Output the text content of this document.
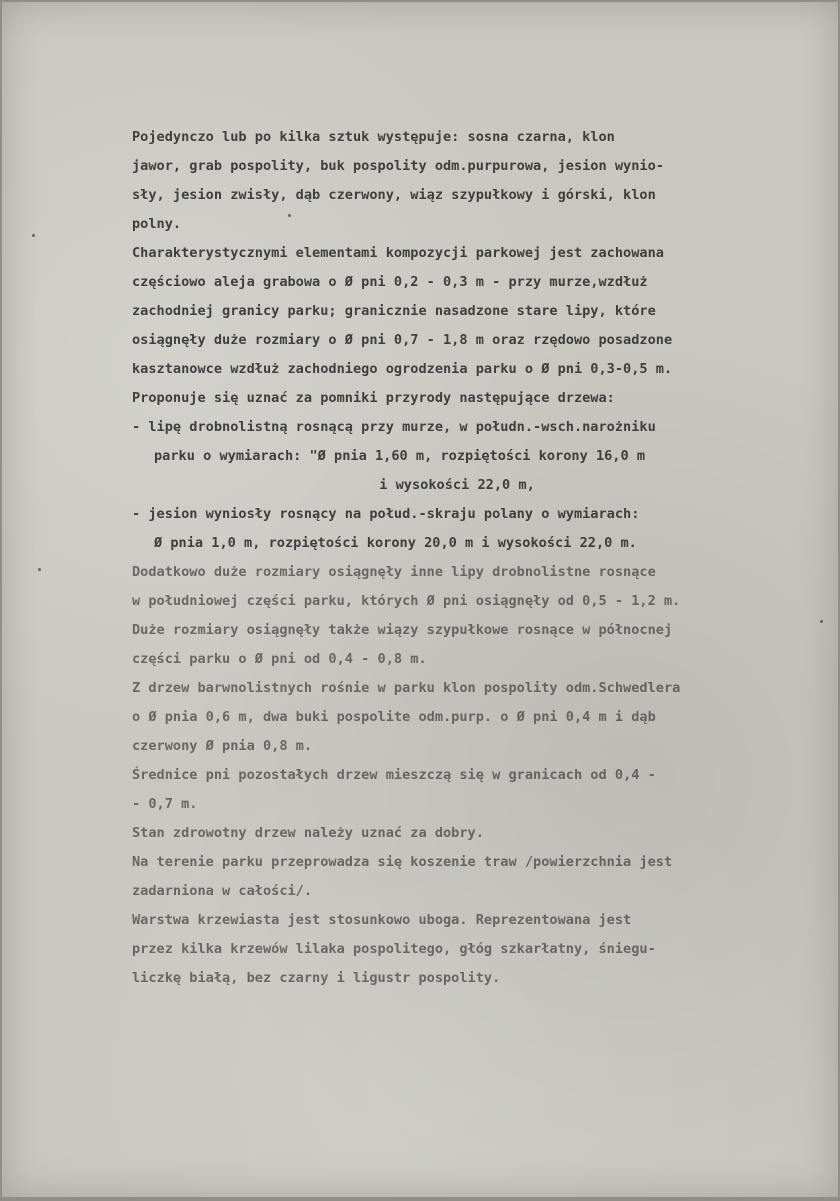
Pojedynczo lub po kilka sztuk występuje: sosna czarna, klon
jawor, grab pospolity, buk pospolity odm.purpurowa, jesion wynio-
sły, jesion zwisły, dąb czerwony, wiąz szypułkowy i górski, klon
polny.
Charakterystycznymi elementami kompozycji parkowej jest zachowana
częściowo aleja grabowa o Ø pni 0,2 - 0,3 m - przy murze,wzdłuż
zachodniej granicy parku; granicznie nasadzone stare lipy, które
osiągnęły duże rozmiary o Ø pni 0,7 - 1,8 m oraz rzędowo posadzone
kasztanowce wzdłuż zachodniego ogrodzenia parku o Ø pni 0,3-0,5 m.
Proponuje się uznać za pomniki przyrody następujące drzewa:
- lipę drobnolistną rosnącą przy murze, w połudn.-wsch.narożniku
parku o wymiarach: "Ø pnia 1,60 m, rozpiętości korony 16,0 m
i wysokości 22,0 m,
- jesion wyniosły rosnący na połud.-skraju polany o wymiarach:
Ø pnia 1,0 m, rozpiętości korony 20,0 m i wysokości 22,0 m.
Dodatkowo duże rozmiary osiągnęły inne lipy drobnolistne rosnące
w południowej części parku, których Ø pni osiągnęły od 0,5 - 1,2 m.
Duże rozmiary osiągnęły także wiązy szypułkowe rosnące w północnej
części parku o Ø pni od 0,4 - 0,8 m.
Z drzew barwnolistnych rośnie w parku klon pospolity odm.Schwedlera
o Ø pnia 0,6 m, dwa buki pospolite odm.purp. o Ø pni 0,4 m i dąb
czerwony Ø pnia 0,8 m.
Średnice pni pozostałych drzew mieszczą się w granicach od 0,4 -
- 0,7 m.
Stan zdrowotny drzew należy uznać za dobry.
Na terenie parku przeprowadza się koszenie traw /powierzchnia jest
zadarniona w całości/.
Warstwa krzewiasta jest stosunkowo uboga. Reprezentowana jest
przez kilka krzewów lilaka pospolitego, głóg szkarłatny, śniegu-
liczkę białą, bez czarny i ligustr pospolity.
